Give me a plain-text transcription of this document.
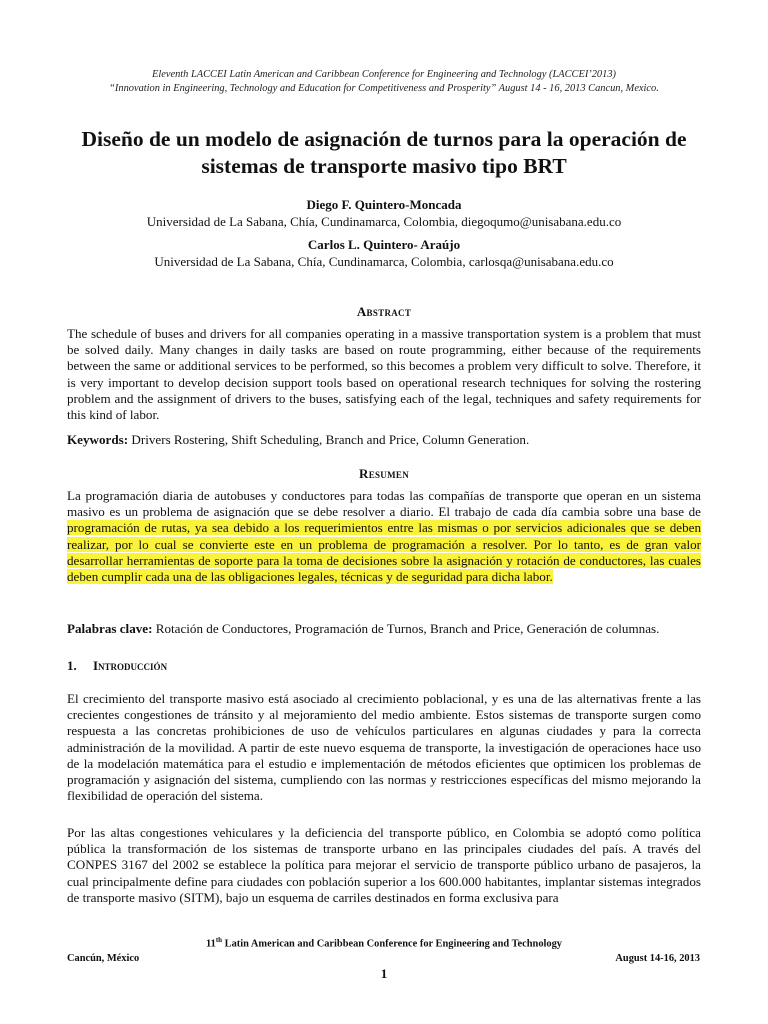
Eleventh LACCEI Latin American and Caribbean Conference for Engineering and Technology (LACCEI’2013)
“Innovation in Engineering, Technology and Education for Competitiveness and Prosperity” August 14 - 16, 2013 Cancun, Mexico.
Diseño de un modelo de asignación de turnos para la operación de sistemas de transporte masivo tipo BRT
Diego F. Quintero-Moncada
Universidad de La Sabana, Chía, Cundinamarca, Colombia, diegoqumo@unisabana.edu.co
Carlos L. Quintero- Araújo
Universidad de La Sabana, Chía, Cundinamarca, Colombia, carlosqa@unisabana.edu.co
Abstract
The schedule of buses and drivers for all companies operating in a massive transportation system is a problem that must be solved daily. Many changes in daily tasks are based on route programming, either because of the requirements between the same or additional services to be performed, so this becomes a problem very difficult to solve. Therefore, it is very important to develop decision support tools based on operational research techniques for solving the rostering problem and the assignment of drivers to the buses, satisfying each of the legal, techniques and safety requirements for this kind of labor.
Keywords: Drivers Rostering, Shift Scheduling, Branch and Price, Column Generation.
Resumen
La programación diaria de autobuses y conductores para todas las compañías de transporte que operan en un sistema masivo es un problema de asignación que se debe resolver a diario. El trabajo de cada día cambia sobre una base de programación de rutas, ya sea debido a los requerimientos entre las mismas o por servicios adicionales que se deben realizar, por lo cual se convierte este en un problema de programación a resolver. Por lo tanto, es de gran valor desarrollar herramientas de soporte para la toma de decisiones sobre la asignación y rotación de conductores, las cuales deben cumplir cada una de las obligaciones legales, técnicas y de seguridad para dicha labor.
Palabras clave: Rotación de Conductores, Programación de Turnos, Branch and Price, Generación de columnas.
1. Introducción
El crecimiento del transporte masivo está asociado al crecimiento poblacional, y es una de las alternativas frente a las crecientes congestiones de tránsito y al mejoramiento del medio ambiente. Estos sistemas de transporte surgen como respuesta a las concretas prohibiciones de uso de vehículos particulares en algunas ciudades y para la correcta administración de la movilidad. A partir de este nuevo esquema de transporte, la investigación de operaciones hace uso de la modelación matemática para el estudio e implementación de métodos eficientes que optimicen los problemas de programación y asignación del sistema, cumpliendo con las normas y restricciones específicas del mismo mejorando la flexibilidad de operación del sistema.
Por las altas congestiones vehiculares y la deficiencia del transporte público, en Colombia se adoptó como política pública la transformación de los sistemas de transporte urbano en las principales ciudades del país. A través del CONPES 3167 del 2002 se establece la política para mejorar el servicio de transporte público urbano de pasajeros, la cual principalmente define para ciudades con población superior a los 600.000 habitantes, implantar sistemas integrados de transporte masivo (SITM), bajo un esquema de carriles destinados en forma exclusiva para
11th Latin American and Caribbean Conference for Engineering and Technology
Cancún, México	August 14-16, 2013
1
